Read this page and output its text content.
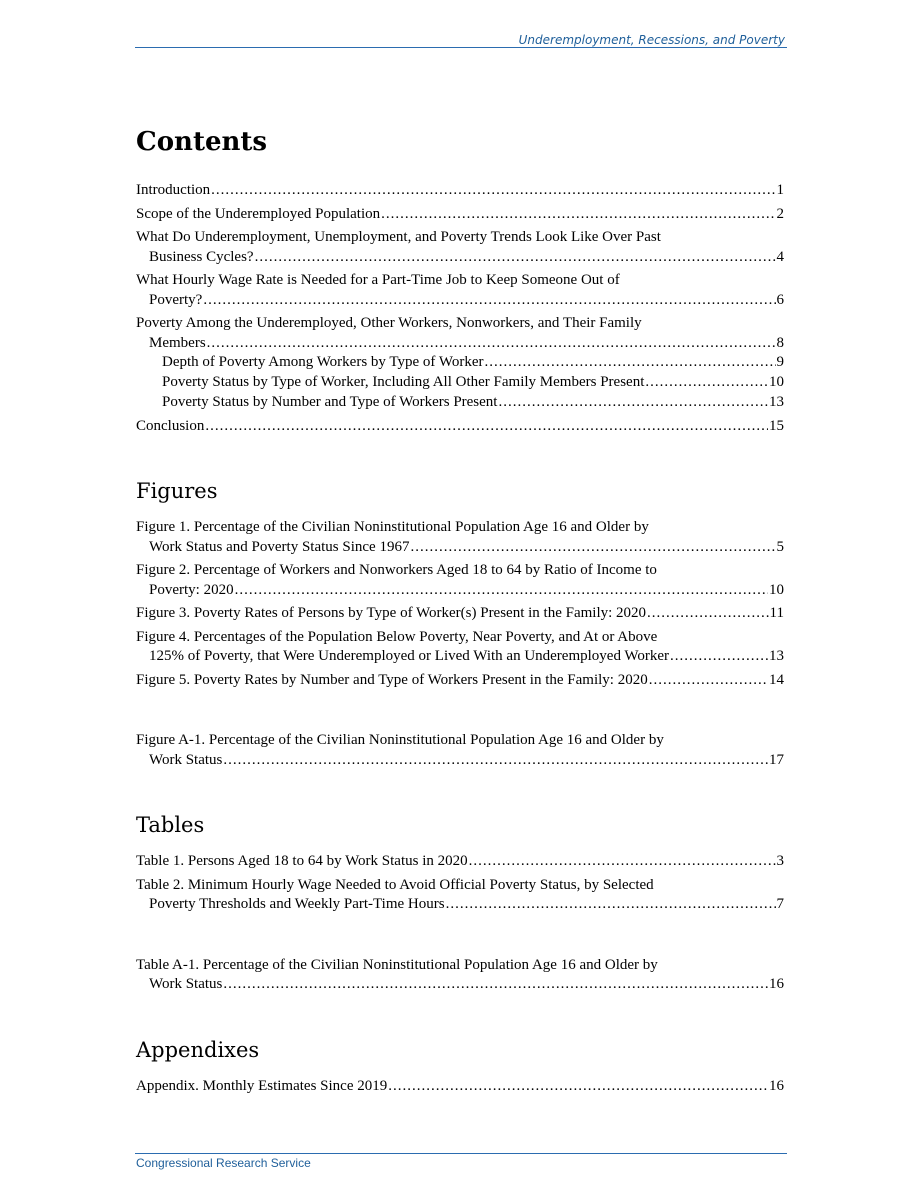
Underemployment, Recessions, and Poverty
Contents
Introduction .....	1
Scope of the Underemployed Population .....	2
What Do Underemployment, Unemployment, and Poverty Trends Look Like Over Past
Business Cycles? .....	4
What Hourly Wage Rate is Needed for a Part-Time Job to Keep Someone Out of
Poverty? .....	6
Poverty Among the Underemployed, Other Workers, Nonworkers, and Their Family
Members .....	8
Depth of Poverty Among Workers by Type of Worker .....	9
Poverty Status by Type of Worker, Including All Other Family Members Present .....	10
Poverty Status by Number and Type of Workers Present .....	13
Conclusion .....	15
Figures
Figure 1. Percentage of the Civilian Noninstitutional Population Age 16 and Older by
Work Status and Poverty Status Since 1967 .....	5
Figure 2. Percentage of Workers and Nonworkers Aged 18 to 64 by Ratio of Income to
Poverty: 2020 .....	10
Figure 3. Poverty Rates of Persons by Type of Worker(s) Present in the Family: 2020 .....	11
Figure 4. Percentages of the Population Below Poverty, Near Poverty, and At or Above
125% of Poverty, that Were Underemployed or Lived With an Underemployed Worker .....	13
Figure 5. Poverty Rates by Number and Type of Workers Present in the Family: 2020 .....	14
Figure A-1. Percentage of the Civilian Noninstitutional Population Age 16 and Older by
Work Status .....	17
Tables
Table 1. Persons Aged 18 to 64 by Work Status in 2020 .....	3
Table 2. Minimum Hourly Wage Needed to Avoid Official Poverty Status, by Selected
Poverty Thresholds and Weekly Part-Time Hours .....	7
Table A-1. Percentage of the Civilian Noninstitutional Population Age 16 and Older by
Work Status .....	16
Appendixes
Appendix. Monthly Estimates Since 2019 .....	16
Congressional Research Service
